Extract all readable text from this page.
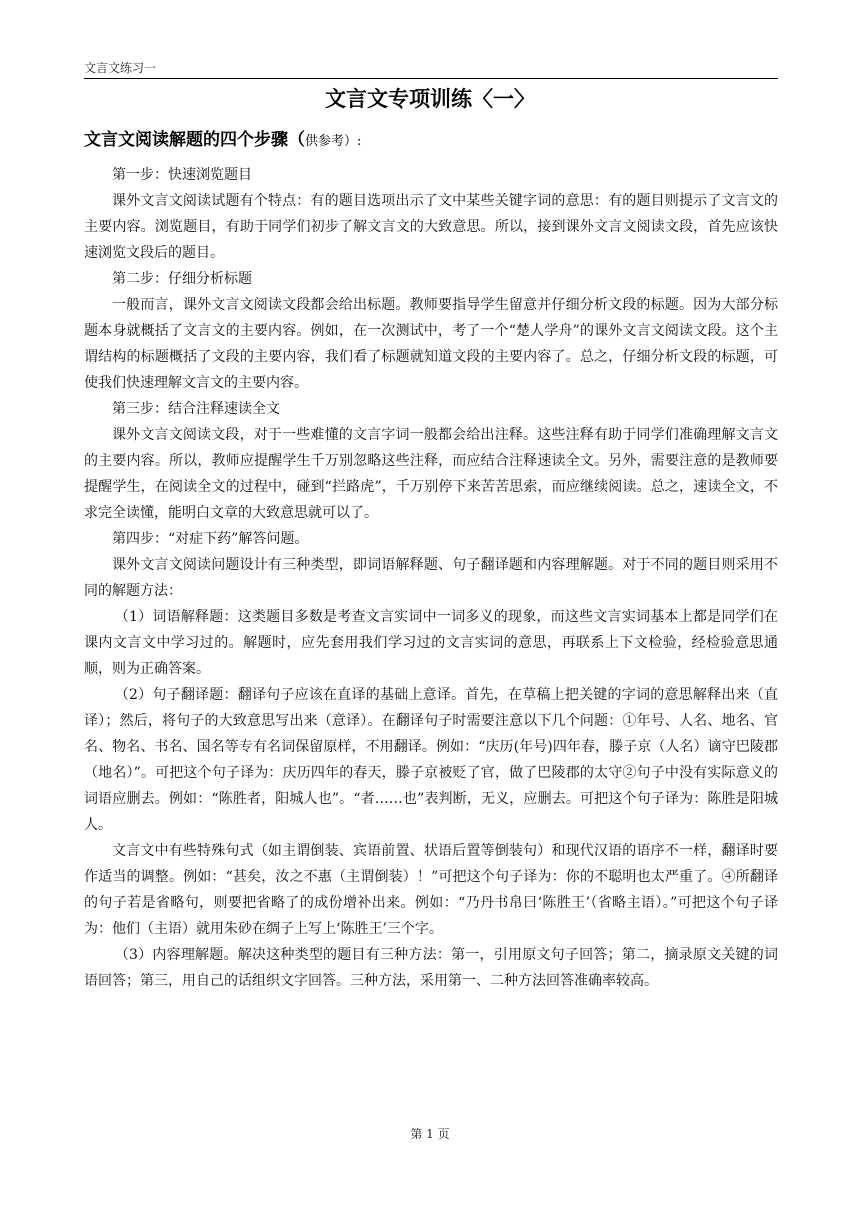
文言文练习一
文言文专项训练〈一〉
文言文阅读解题的四个步骤（供参考）:

第一步：快速浏览题目

课外文言文阅读试题有个特点：有的题目选项出示了文中某些关键字词的意思：有的题目则提示了文言文的主要内容。浏览题目，有助于同学们初步了解文言文的大致意思。所以，接到课外文言文阅读文段，首先应该快速浏览文段后的题目。

第二步：仔细分析标题

一般而言，课外文言文阅读文段都会给出标题。教师要指导学生留意并仔细分析文段的标题。因为大部分标题本身就概括了文言文的主要内容。例如，在一次测试中，考了一个“楚人学舟”的课外文言文阅读文段。这个主谓结构的标题概括了文段的主要内容，我们看了标题就知道文段的主要内容了。总之，仔细分析文段的标题，可使我们快速理解文言文的主要内容。

第三步：结合注释速读全文

课外文言文阅读文段，对于一些难懂的文言字词一般都会给出注释。这些注释有助于同学们准确理解文言文的主要内容。所以，教师应提醒学生千万别忽略这些注释，而应结合注释速读全文。另外，需要注意的是教师要提醒学生，在阅读全文的过程中，碰到“拦路虎”，千万别停下来苦苦思索，而应继续阅读。总之，速读全文，不求完全读懂，能明白文章的大致意思就可以了。

第四步：“对症下药”解答问题。

课外文言文阅读问题设计有三种类型，即词语解释题、句子翻译题和内容理解题。对于不同的题目则采用不同的解题方法：

（1）词语解释题：这类题目多数是考查文言实词中一词多义的现象，而这些文言实词基本上都是同学们在课内文言文中学习过的。解题时，应先套用我们学习过的文言实词的意思，再联系上下文检验，经检验意思通顺，则为正确答案。

（2）句子翻译题：翻译句子应该在直译的基础上意译。首先，在草稿上把关键的字词的意思解释出来（直译）；然后，将句子的大致意思写出来（意译）。在翻译句子时需要注意以下几个问题：①年号、人名、地名、官名、物名、书名、国名等专有名词保留原样，不用翻译。例如：“庆历(年号)四年春，滕子京（人名）谪守巴陵郡（地名）”。可把这个句子译为：庆历四年的春天，滕子京被贬了官，做了巴陵郡的太守②句子中没有实际意义的词语应删去。例如：“陈胜者，阳城人也”。“者……也”表判断，无义，应删去。可把这个句子译为：陈胜是阳城人。

文言文中有些特殊句式（如主谓倒装、宾语前置、状语后置等倒装句）和现代汉语的语序不一样，翻译时要作适当的调整。例如：“甚矣，汝之不惠（主谓倒装）！”可把这个句子译为：你的不聪明也太严重了。④所翻译的句子若是省略句，则要把省略了的成份增补出来。例如：“乃丹书帛曰‘陈胜王’（省略主语）。”可把这个句子译为：他们（主语）就用朱砂在绸子上写上‘陈胜王’三个字。

（3）内容理解题。解决这种类型的题目有三种方法：第一，引用原文句子回答；第二，摘录原文关键的词语回答；第三，用自己的话组织文字回答。三种方法，采用第一、二种方法回答准确率较高。

第 1 页
